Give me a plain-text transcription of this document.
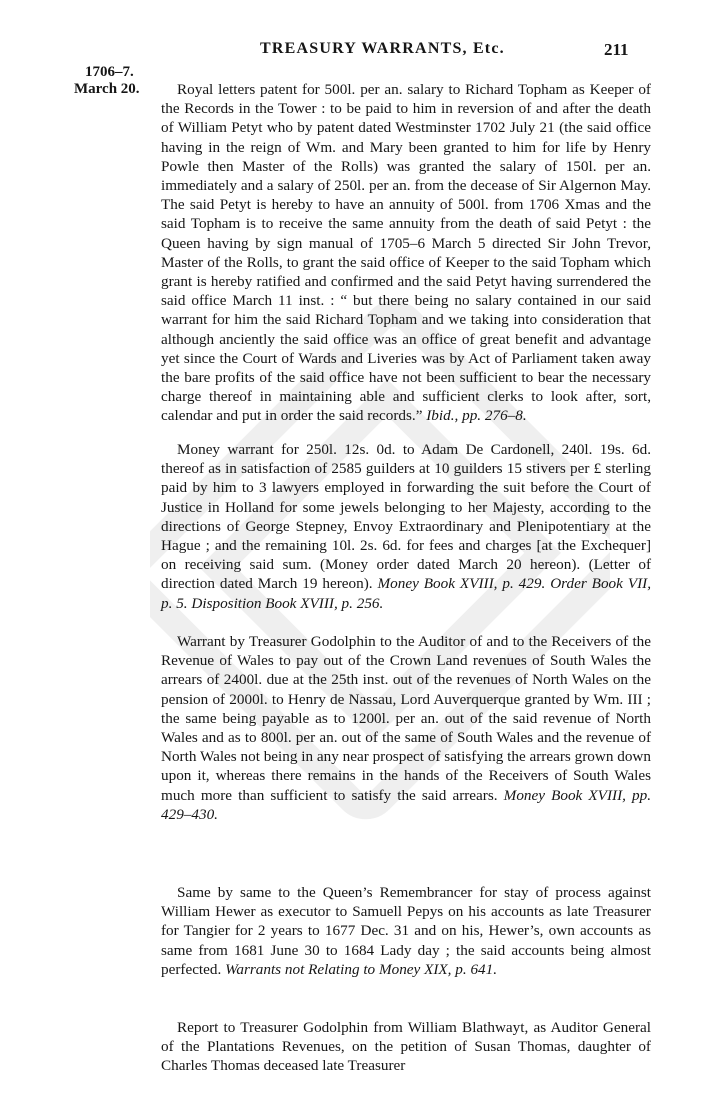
TREASURY WARRANTS, Etc.	211
1706–7.
March 20.	Royal letters patent for 500l. per an. salary to Richard Topham as Keeper of the Records in the Tower : to be paid to him in reversion of and after the death of William Petyt who by patent dated Westminster 1702 July 21 (the said office having in the reign of Wm. and Mary been granted to him for life by Henry Powle then Master of the Rolls) was granted the salary of 150l. per an. immediately and a salary of 250l. per an. from the decease of Sir Algernon May. The said Petyt is hereby to have an annuity of 500l. from 1706 Xmas and the said Topham is to receive the same annuity from the death of said Petyt : the Queen having by sign manual of 1705–6 March 5 directed Sir John Trevor, Master of the Rolls, to grant the said office of Keeper to the said Topham which grant is hereby ratified and confirmed and the said Petyt having surrendered the said office March 11 inst. : “ but there being no salary contained in our said warrant for him the said Richard Topham and we taking into consideration that although anciently the said office was an office of great benefit and advantage yet since the Court of Wards and Liveries was by Act of Parliament taken away the bare profits of the said office have not been sufficient to bear the necessary charge thereof in maintaining able and sufficient clerks to look after, sort, calendar and put in order the said records.” Ibid., pp. 276–8.

Money warrant for 250l. 12s. 0d. to Adam De Cardonell, 240l. 19s. 6d. thereof as in satisfaction of 2585 guilders at 10 guilders 15 stivers per £ sterling paid by him to 3 lawyers employed in forwarding the suit before the Court of Justice in Holland for some jewels belonging to her Majesty, according to the directions of George Stepney, Envoy Extraordinary and Plenipotentiary at the Hague ; and the remaining 10l. 2s. 6d. for fees and charges [at the Exchequer] on receiving said sum. (Money order dated March 20 hereon). (Letter of direction dated March 19 hereon). Money Book XVIII, p. 429. Order Book VII, p. 5. Disposition Book XVIII, p. 256.

Warrant by Treasurer Godolphin to the Auditor of and to the Receivers of the Revenue of Wales to pay out of the Crown Land revenues of South Wales the arrears of 2400l. due at the 25th inst. out of the revenues of North Wales on the pension of 2000l. to Henry de Nassau, Lord Auverquerque granted by Wm. III ; the same being payable as to 1200l. per an. out of the said revenue of North Wales and as to 800l. per an. out of the same of South Wales and the revenue of North Wales not being in any near prospect of satisfying the arrears grown down upon it, whereas there remains in the hands of the Receivers of South Wales much more than sufficient to satisfy the said arrears. Money Book XVIII, pp. 429–430.

Same by same to the Queen’s Remembrancer for stay of process against William Hewer as executor to Samuell Pepys on his accounts as late Treasurer for Tangier for 2 years to 1677 Dec. 31 and on his, Hewer’s, own accounts as same from 1681 June 30 to 1684 Lady day ; the said accounts being almost perfected. Warrants not Relating to Money XIX, p. 641.

Report to Treasurer Godolphin from William Blathwayt, as Auditor General of the Plantations Revenues, on the petition of Susan Thomas, daughter of Charles Thomas deceased late Treasurer
